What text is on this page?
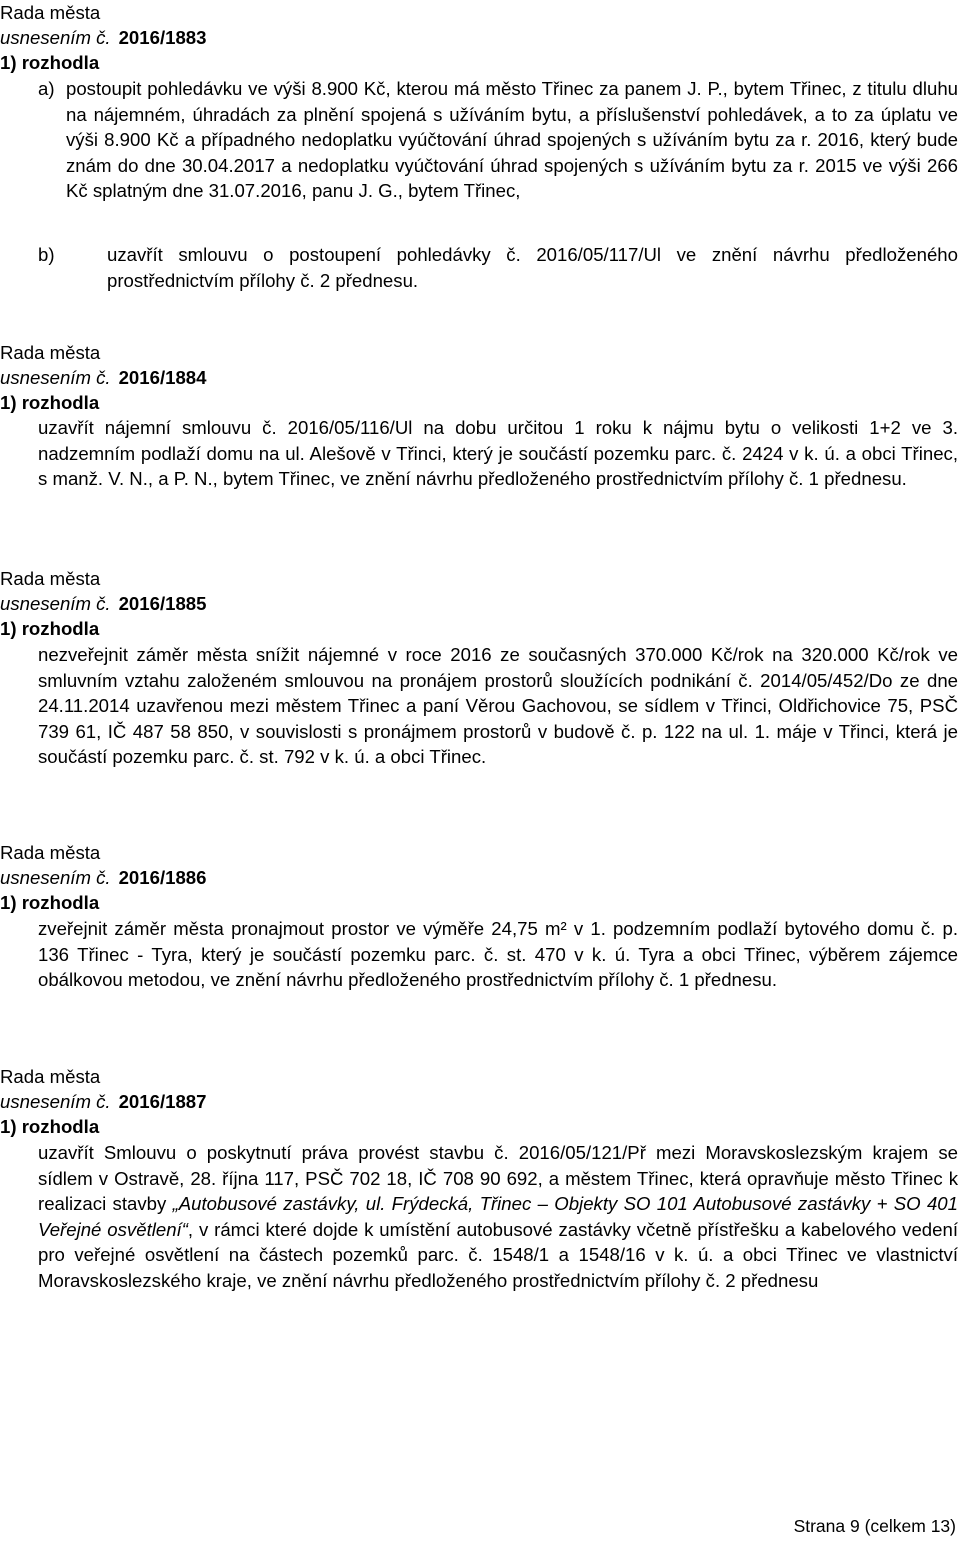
Rada města
usnesením č. 2016/1883
1) rozhodla
a) postoupit pohledávku ve výši 8.900 Kč, kterou má město Třinec za panem J. P., bytem Třinec, z titulu dluhu na nájemném, úhradách za plnění spojená s užíváním bytu, a příslušenství pohledávek, a to za úplatu ve výši 8.900 Kč a případného nedoplatku vyúčtování úhrad spojených s užíváním bytu za r. 2016, který bude znám do dne 30.04.2017 a nedoplatku vyúčtování úhrad spojených s užíváním bytu za r. 2015 ve výši 266 Kč splatným dne 31.07.2016, panu J. G., bytem Třinec,
b)	uzavřít smlouvu o postoupení pohledávky č. 2016/05/117/Ul ve znění návrhu předloženého prostřednictvím přílohy č. 2 přednesu.
Rada města
usnesením č. 2016/1884
1) rozhodla
uzavřít nájemní smlouvu č. 2016/05/116/Ul na dobu určitou 1 roku k nájmu bytu o velikosti 1+2 ve 3. nadzemním podlaží domu na ul. Alešově v Třinci, který je součástí pozemku parc. č. 2424 v k. ú. a obci Třinec, s manž. V. N., a P. N., bytem Třinec, ve znění návrhu předloženého prostřednictvím přílohy č. 1 přednesu.
Rada města
usnesením č. 2016/1885
1) rozhodla
nezveřejnit záměr města snížit nájemné v roce 2016 ze současných 370.000 Kč/rok na 320.000 Kč/rok ve smluvním vztahu založeném smlouvou na pronájem prostorů sloužících podnikání č. 2014/05/452/Do ze dne 24.11.2014 uzavřenou mezi městem Třinec a paní Věrou Gachovou, se sídlem v Třinci, Oldřichovice 75, PSČ 739 61, IČ 487 58 850, v souvislosti s pronájmem prostorů v budově č. p. 122 na ul. 1. máje v Třinci, která je součástí pozemku parc. č. st. 792 v k. ú. a obci Třinec.
Rada města
usnesením č. 2016/1886
1) rozhodla
zveřejnit záměr města pronajmout prostor ve výměře 24,75 m² v 1. podzemním podlaží bytového domu č. p. 136 Třinec - Tyra, který je součástí pozemku parc. č. st. 470 v k. ú. Tyra a obci Třinec, výběrem zájemce obálkovou metodou, ve znění návrhu předloženého prostřednictvím přílohy č. 1 přednesu.
Rada města
usnesením č. 2016/1887
1) rozhodla
uzavřít Smlouvu o poskytnutí práva provést stavbu č. 2016/05/121/Př mezi Moravskoslezským krajem se sídlem v Ostravě, 28. října 117, PSČ 702 18, IČ 708 90 692, a městem Třinec, která opravňuje město Třinec k realizaci stavby „Autobusové zastávky, ul. Frýdecká, Třinec – Objekty SO 101 Autobusové zastávky + SO 401 Veřejné osvětlení“, v rámci které dojde k umístění autobusové zastávky včetně přístřešku a kabelového vedení pro veřejné osvětlení na částech pozemků parc. č. 1548/1 a 1548/16 v k. ú. a obci Třinec ve vlastnictví Moravskoslezského kraje, ve znění návrhu předloženého prostřednictvím přílohy č. 2 přednesu
Strana 9 (celkem 13)
